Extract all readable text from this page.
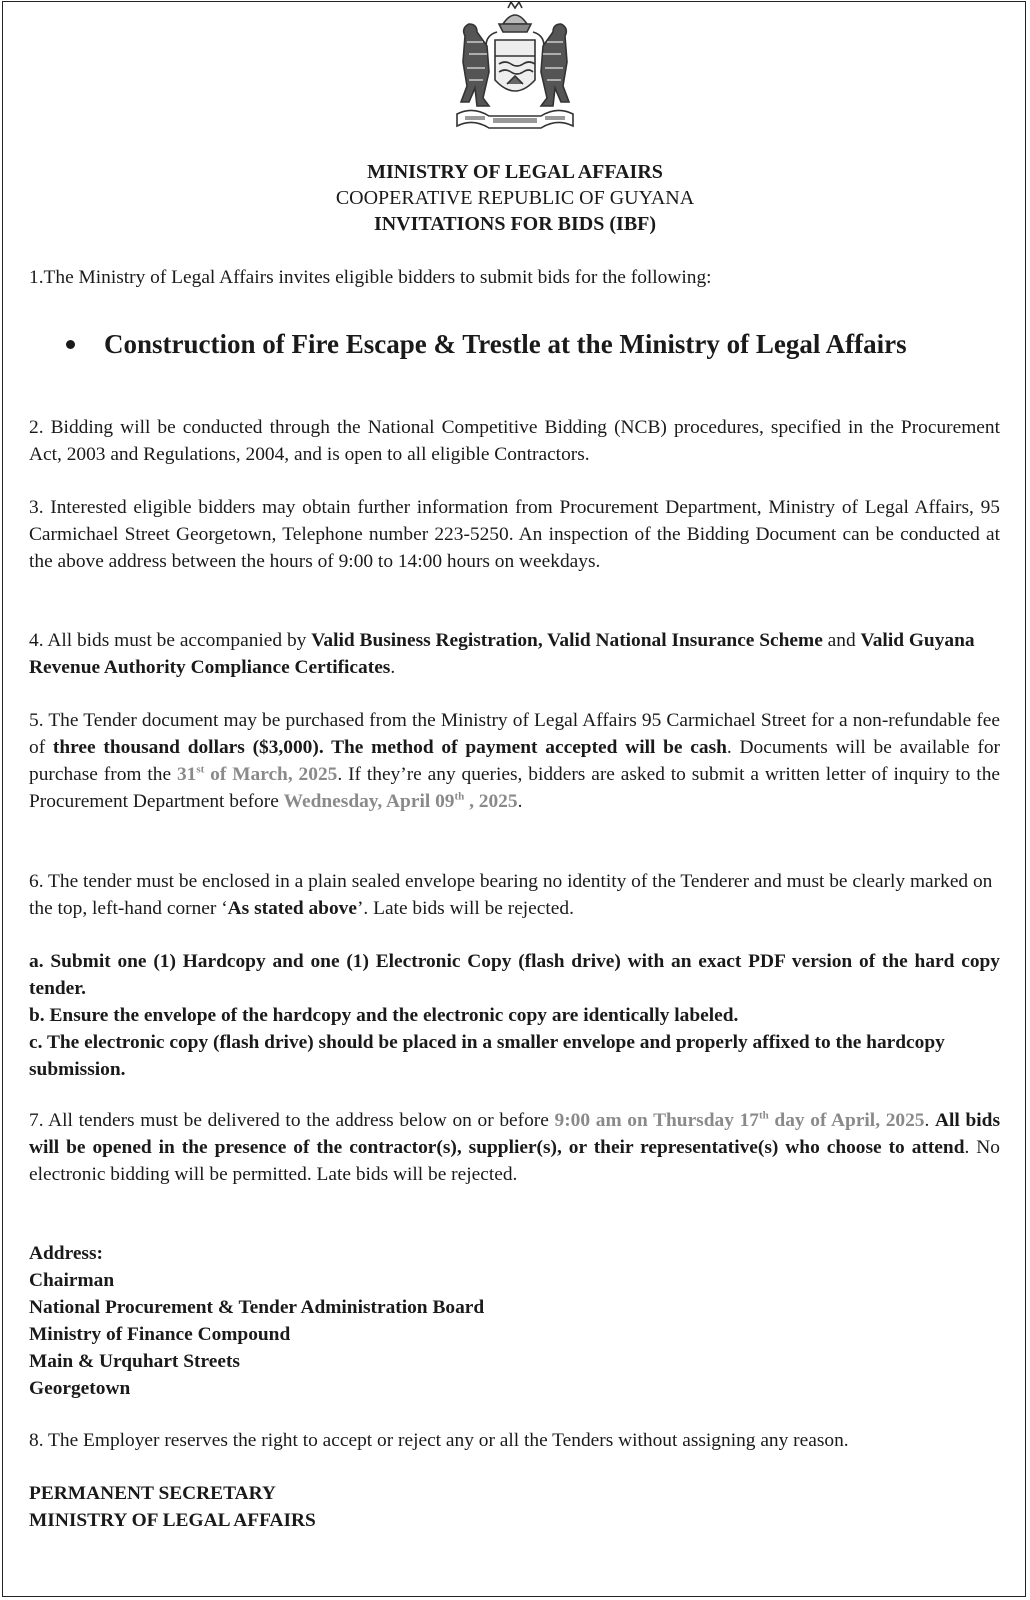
MINISTRY OF LEGAL AFFAIRS
COOPERATIVE REPUBLIC OF GUYANA
INVITATIONS FOR BIDS (IBF)
1.The Ministry of Legal Affairs invites eligible bidders to submit bids for the following:
Construction of Fire Escape & Trestle at the Ministry of Legal Affairs
2. Bidding will be conducted through the National Competitive Bidding (NCB) procedures, specified in the Procurement Act, 2003 and Regulations, 2004, and is open to all eligible Contractors.
3. Interested eligible bidders may obtain further information from Procurement Department, Ministry of Legal Affairs, 95 Carmichael Street Georgetown, Telephone number 223-5250. An inspection of the Bidding Document can be conducted at the above address between the hours of 9:00 to 14:00 hours on weekdays.
4. All bids must be accompanied by Valid Business Registration, Valid National Insurance Scheme and Valid Guyana Revenue Authority Compliance Certificates.
5. The Tender document may be purchased from the Ministry of Legal Affairs 95 Carmichael Street for a non-refundable fee of three thousand dollars ($3,000). The method of payment accepted will be cash. Documents will be available for purchase from the 31st of March, 2025. If they’re any queries, bidders are asked to submit a written letter of inquiry to the Procurement Department before Wednesday, April 09th , 2025.
6. The tender must be enclosed in a plain sealed envelope bearing no identity of the Tenderer and must be clearly marked on the top, left-hand corner ‘As stated above’. Late bids will be rejected.

a. Submit one (1) Hardcopy and one (1) Electronic Copy (flash drive) with an exact PDF version of the hard copy tender.

b. Ensure the envelope of the hardcopy and the electronic copy are identically labeled.

c. The electronic copy (flash drive) should be placed in a smaller envelope and properly affixed to the hardcopy submission.

7. All tenders must be delivered to the address below on or before 9:00 am on Thursday 17th day of April, 2025. All bids will be opened in the presence of the contractor(s), supplier(s), or their representative(s) who choose to attend. No electronic bidding will be permitted. Late bids will be rejected.

Address:

Chairman

National Procurement & Tender Administration Board

Ministry of Finance Compound

Main & Urquhart Streets

Georgetown

8. The Employer reserves the right to accept or reject any or all the Tenders without assigning any reason.

PERMANENT SECRETARY

MINISTRY OF LEGAL AFFAIRS
